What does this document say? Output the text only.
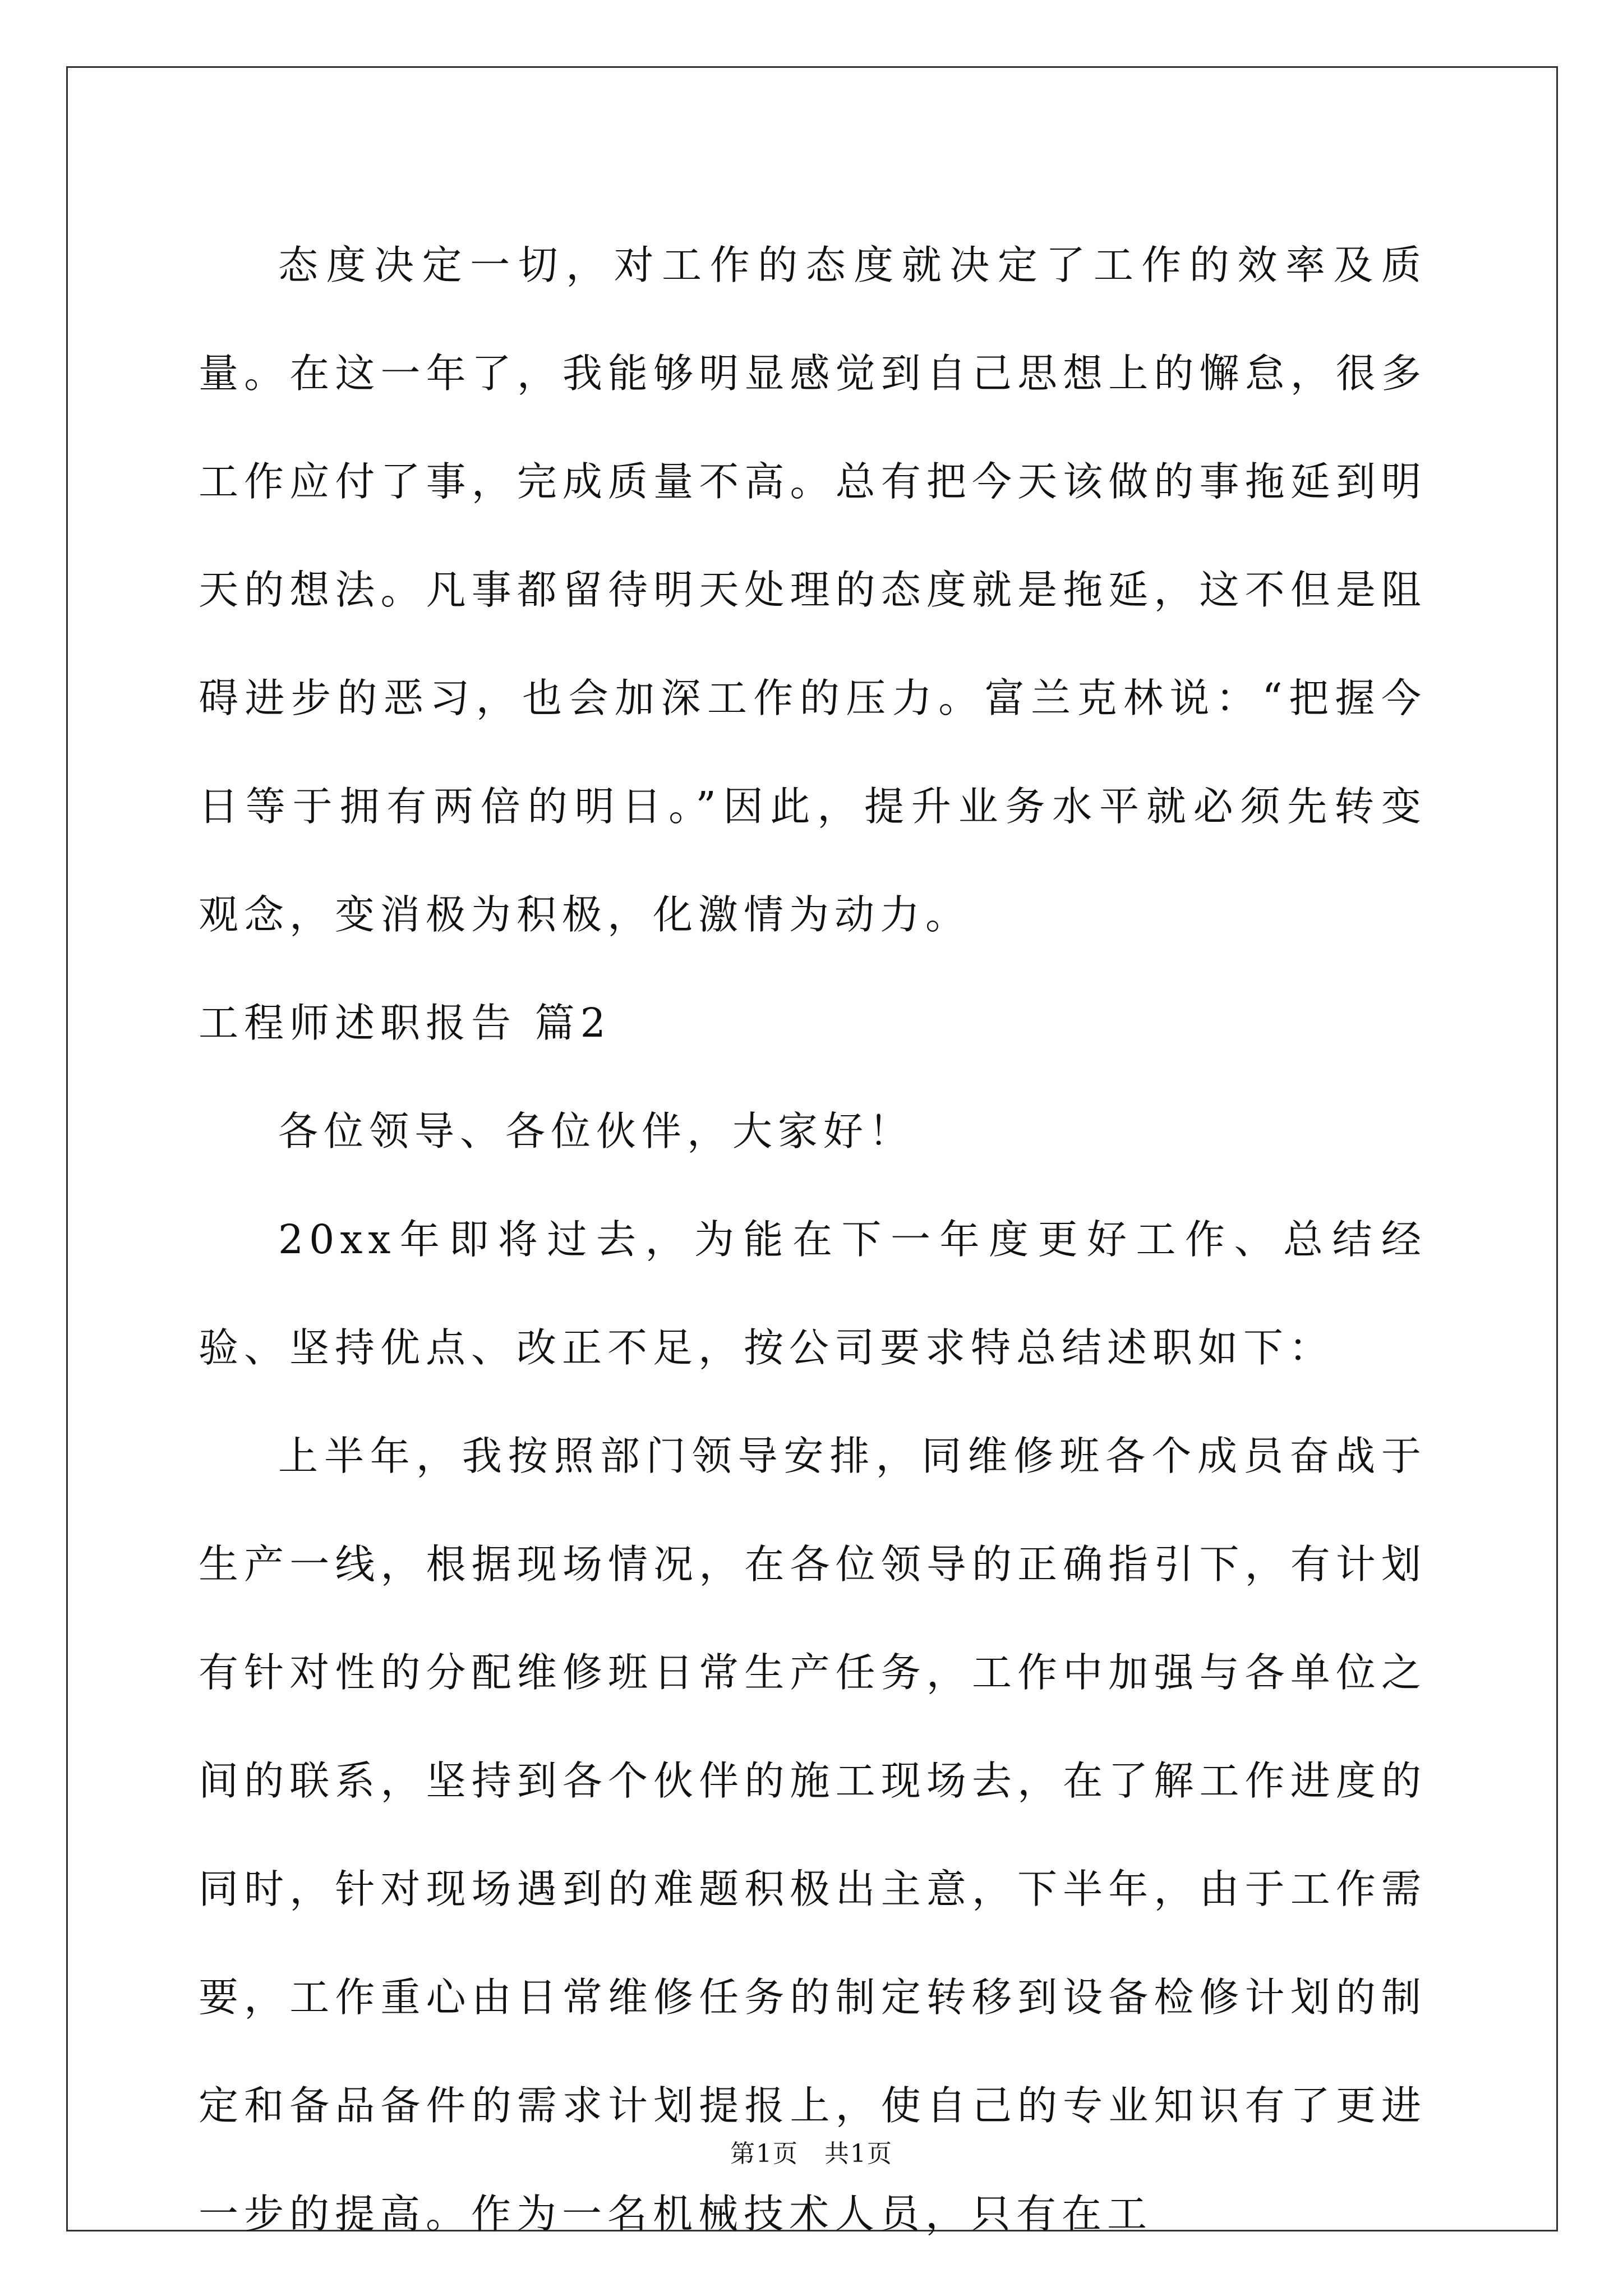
态度决定一切，对工作的态度就决定了工作的效率及质量。在这一年了，我能够明显感觉到自己思想上的懈怠，很多工作应付了事，完成质量不高。总有把今天该做的事拖延到明天的想法。凡事都留待明天处理的态度就是拖延，这不但是阻碍进步的恶习，也会加深工作的压力。富兰克林说：“把握今日等于拥有两倍的明日。”因此，提升业务水平就必须先转变观念，变消极为积极，化激情为动力。

工程师述职报告 篇2

各位领导、各位伙伴，大家好！

20xx年即将过去，为能在下一年度更好工作、总结经验、坚持优点、改正不足，按公司要求特总结述职如下：

上半年，我按照部门领导安排，同维修班各个成员奋战于生产一线，根据现场情况，在各位领导的正确指引下，有计划有针对性的分配维修班日常生产任务，工作中加强与各单位之间的联系，坚持到各个伙伴的施工现场去，在了解工作进度的同时，针对现场遇到的难题积极出主意，下半年，由于工作需要，工作重心由日常维修任务的制定转移到设备检修计划的制定和备品备件的需求计划提报上，使自己的专业知识有了更进一步的提高。作为一名机械技术人员，只有在工

第1页　共1页
